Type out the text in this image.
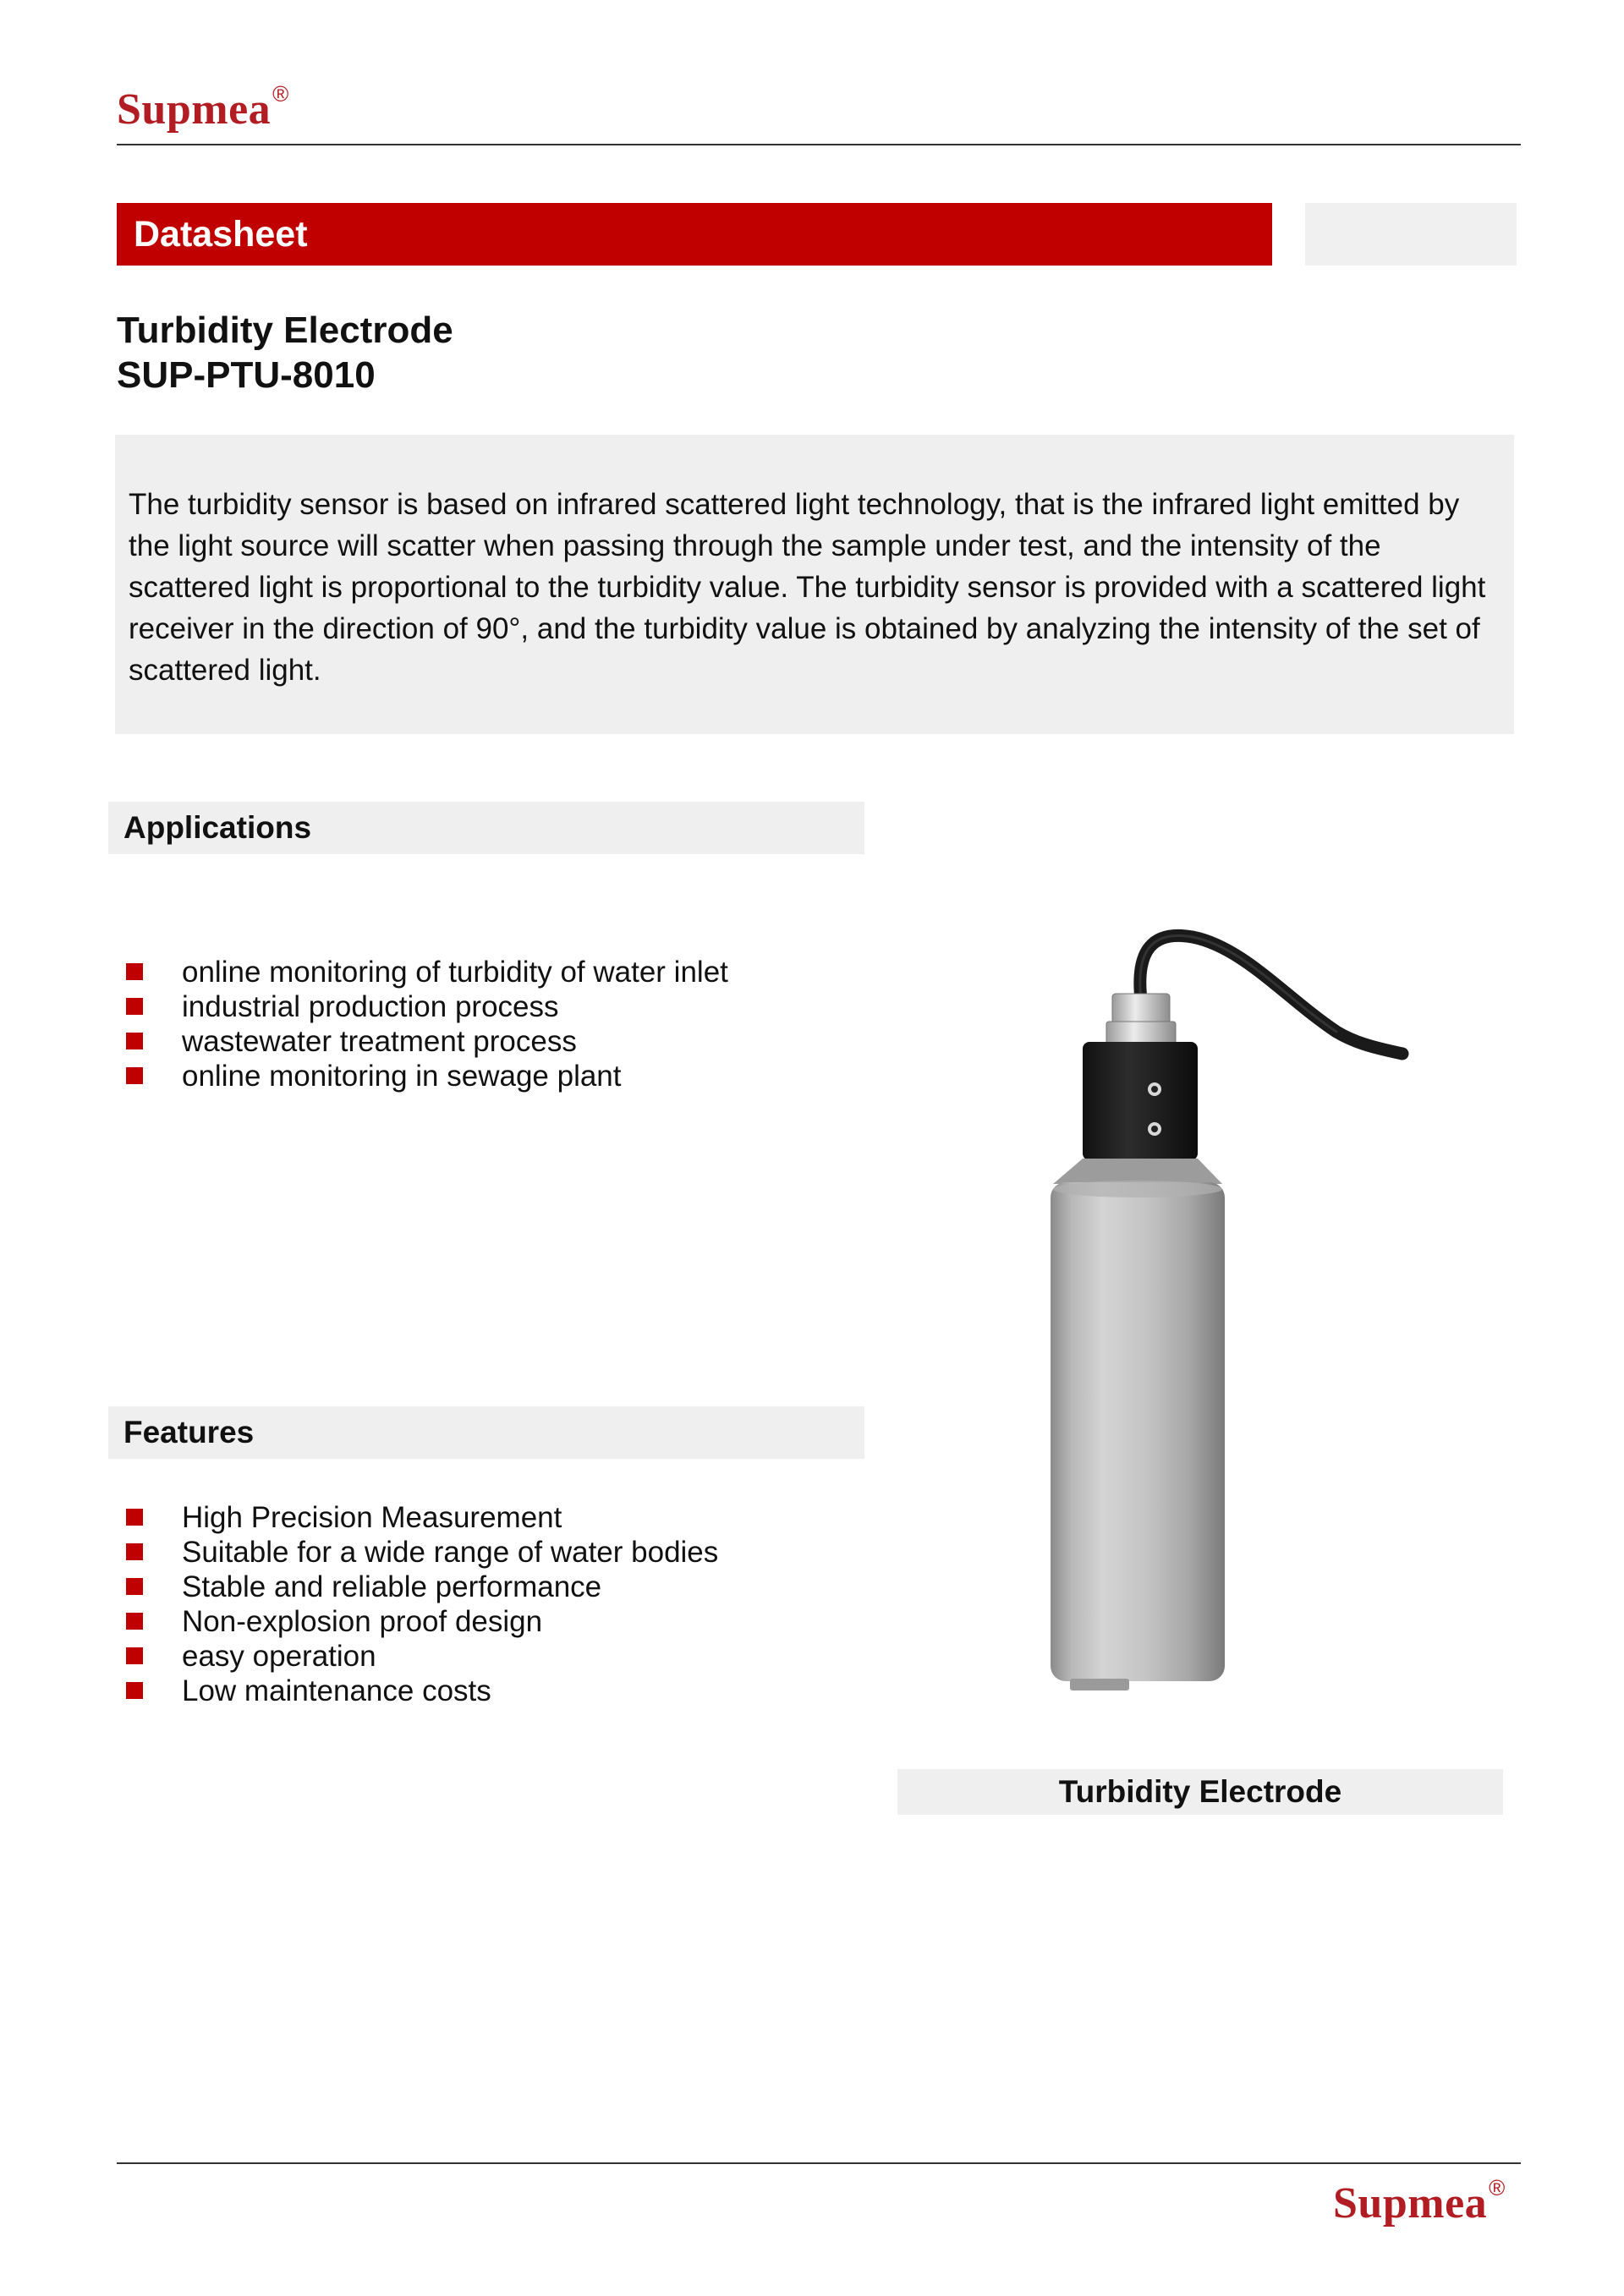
Supmea®
Datasheet
Turbidity Electrode
SUP-PTU-8010
The turbidity sensor is based on infrared scattered light technology, that is the infrared light emitted by the light source will scatter when passing through the sample under test, and the intensity of the scattered light is proportional to the turbidity value. The turbidity sensor is provided with a scattered light receiver in the direction of 90°, and the turbidity value is obtained by analyzing the intensity of the set of scattered light.
Applications
online monitoring of turbidity of water inlet
industrial production process
wastewater treatment process
online monitoring in sewage plant
Features
High Precision Measurement
Suitable for a wide range of water bodies
Stable and reliable performance
Non-explosion proof design
easy operation
Low maintenance costs
Turbidity Electrode
Supmea®
